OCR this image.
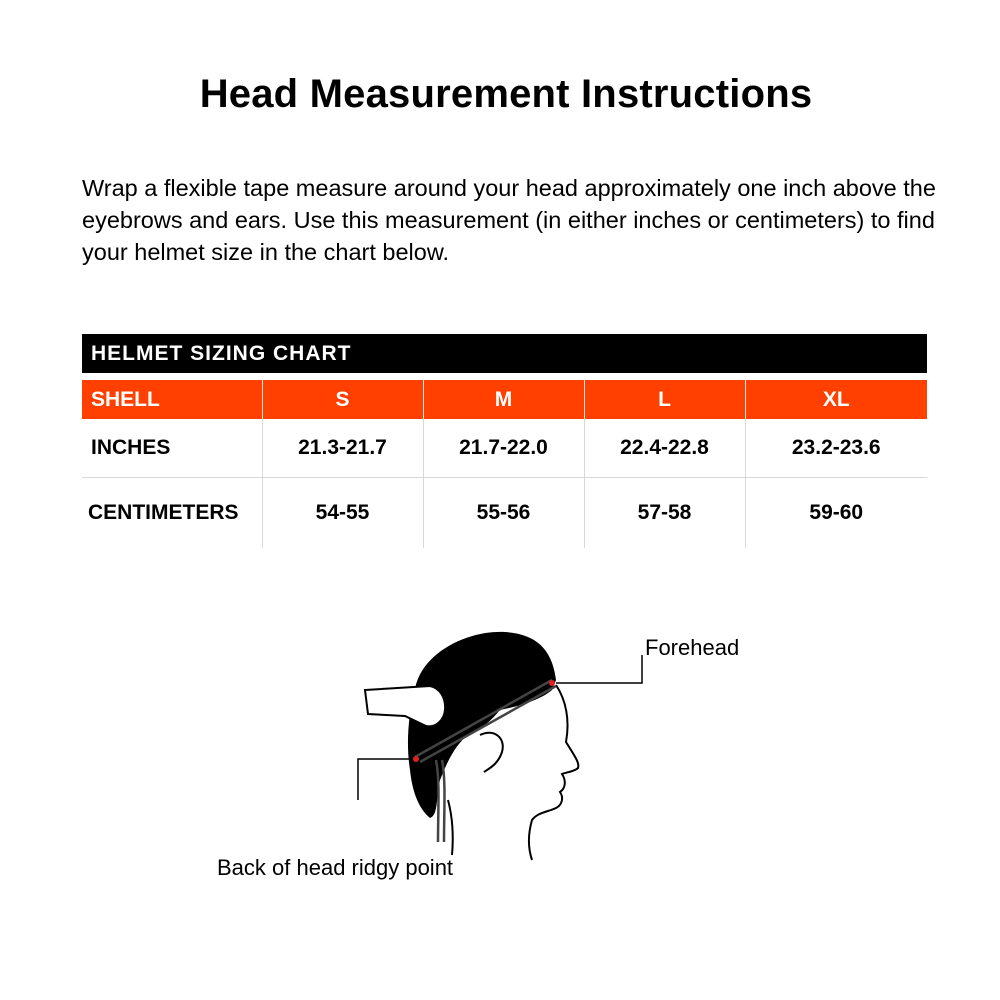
Head Measurement Instructions
Wrap a flexible tape measure around your head approximately one inch above the eyebrows and ears. Use this measurement (in either inches or centimeters) to find your helmet size in the chart below.
HELMET SIZING CHART
SHELL	S	M	L	XL
INCHES	21.3-21.7	21.7-22.0	22.4-22.8	23.2-23.6
CENTIMETERS	54-55	55-56	57-58	59-60
Forehead
Back of head ridgy point
